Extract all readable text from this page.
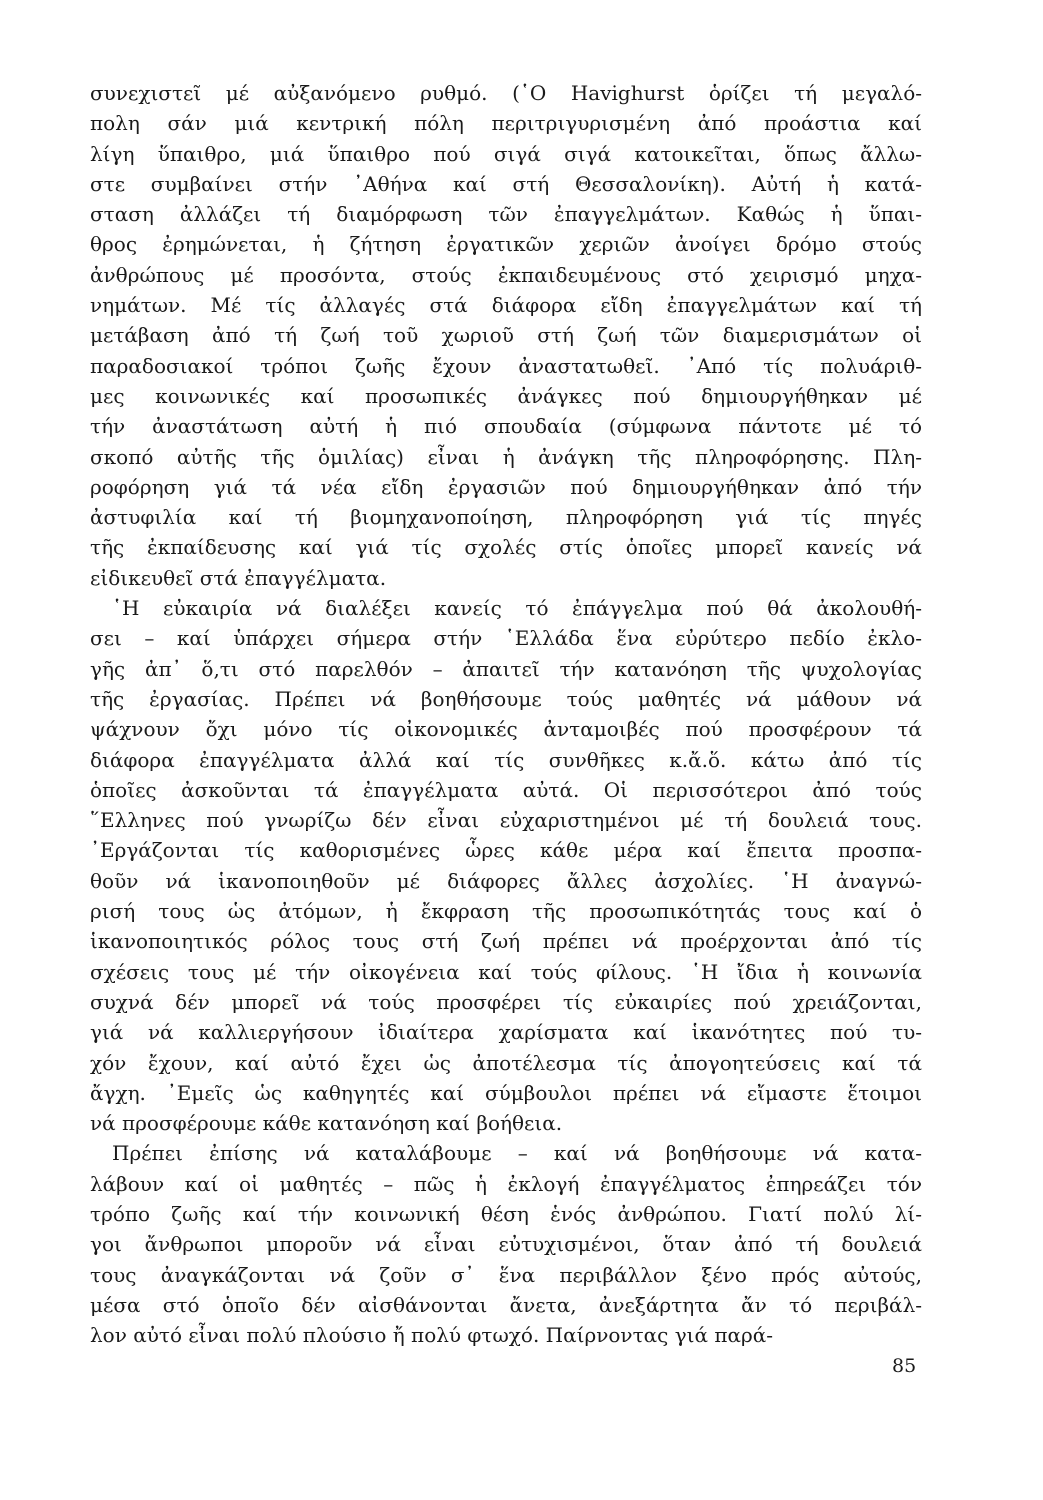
συνεχιστεῖ μέ αὐξανόμενο ρυθμό. (῾Ο Havighurst ὁρίζει τή μεγαλό-
πολη σάν μιά κεντρική πόλη περιτριγυρισμένη ἀπό προάστια καί
λίγη ὕπαιθρο, μιά ὕπαιθρο πού σιγά σιγά κατοικεῖται, ὅπως ἄλλω-
στε συμβαίνει στήν ᾽Αθήνα καί στή Θεσσαλονίκη). Αὐτή ἡ κατά-
σταση ἀλλάζει τή διαμόρφωση τῶν ἐπαγγελμάτων. Καθώς ἡ ὕπαι-
θρος ἐρημώνεται, ἡ ζήτηση ἐργατικῶν χεριῶν ἀνοίγει δρόμο στούς
ἀνθρώπους μέ προσόντα, στούς ἐκπαιδευμένους στό χειρισμό μηχα-
νημάτων. Μέ τίς ἀλλαγές στά διάφορα εἴδη ἐπαγγελμάτων καί τή
μετάβαση ἀπό τή ζωή τοῦ χωριοῦ στή ζωή τῶν διαμερισμάτων οἱ
παραδοσιακοί τρόποι ζωῆς ἔχουν ἀναστατωθεῖ. ᾽Από τίς πολυάριθ-
μες κοινωνικές καί προσωπικές ἀνάγκες πού δημιουργήθηκαν μέ
τήν ἀναστάτωση αὐτή ἡ πιό σπουδαία (σύμφωνα πάντοτε μέ τό
σκοπό αὐτῆς τῆς ὁμιλίας) εἶναι ἡ ἀνάγκη τῆς πληροφόρησης. Πλη-
ροφόρηση γιά τά νέα εἴδη ἐργασιῶν πού δημιουργήθηκαν ἀπό τήν
ἀστυφιλία καί τή βιομηχανοποίηση, πληροφόρηση γιά τίς πηγές
τῆς ἐκπαίδευσης καί γιά τίς σχολές στίς ὁποῖες μπορεῖ κανείς νά
εἰδικευθεῖ στά ἐπαγγέλματα.
῾Η εὐκαιρία νά διαλέξει κανείς τό ἐπάγγελμα πού θά ἀκολουθή-
σει – καί ὑπάρχει σήμερα στήν ῾Ελλάδα ἕνα εὐρύτερο πεδίο ἐκλο-
γῆς ἀπ᾽ ὅ,τι στό παρελθόν – ἀπαιτεῖ τήν κατανόηση τῆς ψυχολογίας
τῆς ἐργασίας. Πρέπει νά βοηθήσουμε τούς μαθητές νά μάθουν νά
ψάχνουν ὄχι μόνο τίς οἰκονομικές ἀνταμοιβές πού προσφέρουν τά
διάφορα ἐπαγγέλματα ἀλλά καί τίς συνθῆκες κ.ἄ.ὅ. κάτω ἀπό τίς
ὁποῖες ἀσκοῦνται τά ἐπαγγέλματα αὐτά. Οἱ περισσότεροι ἀπό τούς
῞Ελληνες πού γνωρίζω δέν εἶναι εὐχαριστημένοι μέ τή δουλειά τους.
᾽Εργάζονται τίς καθορισμένες ὧρες κάθε μέρα καί ἔπειτα προσπα-
θοῦν νά ἱκανοποιηθοῦν μέ διάφορες ἄλλες ἀσχολίες. ῾Η ἀναγνώ-
ρισή τους ὡς ἀτόμων, ἡ ἔκφραση τῆς προσωπικότητάς τους καί ὁ
ἱκανοποιητικός ρόλος τους στή ζωή πρέπει νά προέρχονται ἀπό τίς
σχέσεις τους μέ τήν οἰκογένεια καί τούς φίλους. ῾Η ἴδια ἡ κοινωνία
συχνά δέν μπορεῖ νά τούς προσφέρει τίς εὐκαιρίες πού χρειάζονται,
γιά νά καλλιεργήσουν ἰδιαίτερα χαρίσματα καί ἱκανότητες πού τυ-
χόν ἔχουν, καί αὐτό ἔχει ὡς ἀποτέλεσμα τίς ἀπογοητεύσεις καί τά
ἄγχη. ᾽Εμεῖς ὡς καθηγητές καί σύμβουλοι πρέπει νά εἴμαστε ἕτοιμοι
νά προσφέρουμε κάθε κατανόηση καί βοήθεια.
Πρέπει ἐπίσης νά καταλάβουμε – καί νά βοηθήσουμε νά κατα-
λάβουν καί οἱ μαθητές – πῶς ἡ ἐκλογή ἐπαγγέλματος ἐπηρεάζει τόν
τρόπο ζωῆς καί τήν κοινωνική θέση ἑνός ἀνθρώπου. Γιατί πολύ λί-
γοι ἄνθρωποι μποροῦν νά εἶναι εὐτυχισμένοι, ὅταν ἀπό τή δουλειά
τους ἀναγκάζονται νά ζοῦν σ᾽ ἕνα περιβάλλον ξένο πρός αὐτούς,
μέσα στό ὁποῖο δέν αἰσθάνονται ἄνετα, ἀνεξάρτητα ἄν τό περιβάλ-
λον αὐτό εἶναι πολύ πλούσιο ἤ πολύ φτωχό. Παίρνοντας γιά παρά-
85
